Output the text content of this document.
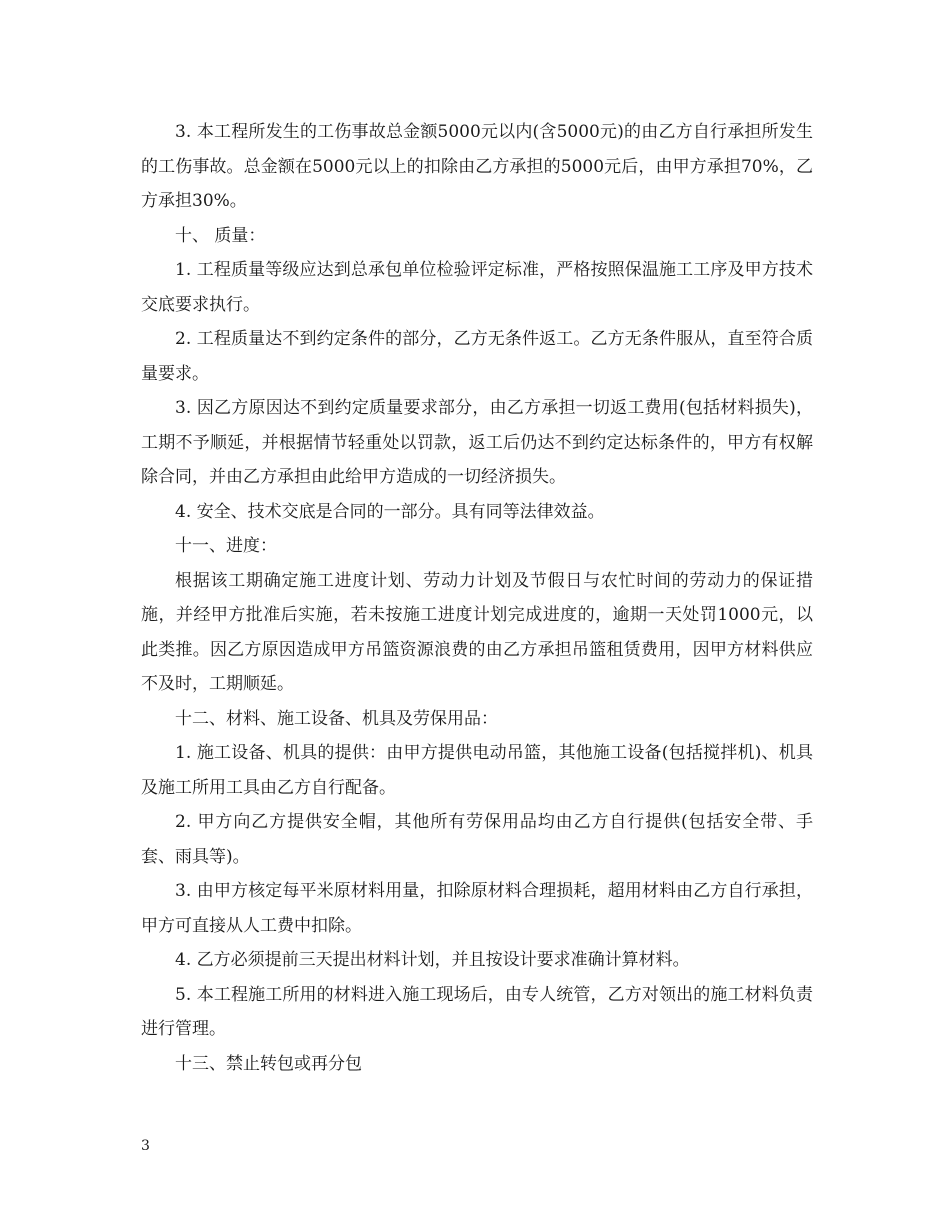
3. 本工程所发生的工伤事故总金额5000元以内(含5000元)的由乙方自行承担所发生的工伤事故。总金额在5000元以上的扣除由乙方承担的5000元后，由甲方承担70%，乙方承担30%。

十、 质量：

1. 工程质量等级应达到总承包单位检验评定标准，严格按照保温施工工序及甲方技术交底要求执行。

2. 工程质量达不到约定条件的部分，乙方无条件返工。乙方无条件服从，直至符合质量要求。

3. 因乙方原因达不到约定质量要求部分，由乙方承担一切返工费用(包括材料损失)，工期不予顺延，并根据情节轻重处以罚款，返工后仍达不到约定达标条件的，甲方有权解除合同，并由乙方承担由此给甲方造成的一切经济损失。

4. 安全、技术交底是合同的一部分。具有同等法律效益。

十一、进度：

根据该工期确定施工进度计划、劳动力计划及节假日与农忙时间的劳动力的保证措施，并经甲方批准后实施，若未按施工进度计划完成进度的，逾期一天处罚1000元，以此类推。因乙方原因造成甲方吊篮资源浪费的由乙方承担吊篮租赁费用，因甲方材料供应不及时，工期顺延。

十二、材料、施工设备、机具及劳保用品：

1. 施工设备、机具的提供：由甲方提供电动吊篮，其他施工设备(包括搅拌机)、机具及施工所用工具由乙方自行配备。

2. 甲方向乙方提供安全帽，其他所有劳保用品均由乙方自行提供(包括安全带、手套、雨具等)。

3. 由甲方核定每平米原材料用量，扣除原材料合理损耗，超用材料由乙方自行承担，甲方可直接从人工费中扣除。

4. 乙方必须提前三天提出材料计划，并且按设计要求准确计算材料。

5. 本工程施工所用的材料进入施工现场后，由专人统管，乙方对领出的施工材料负责进行管理。

十三、禁止转包或再分包

3
